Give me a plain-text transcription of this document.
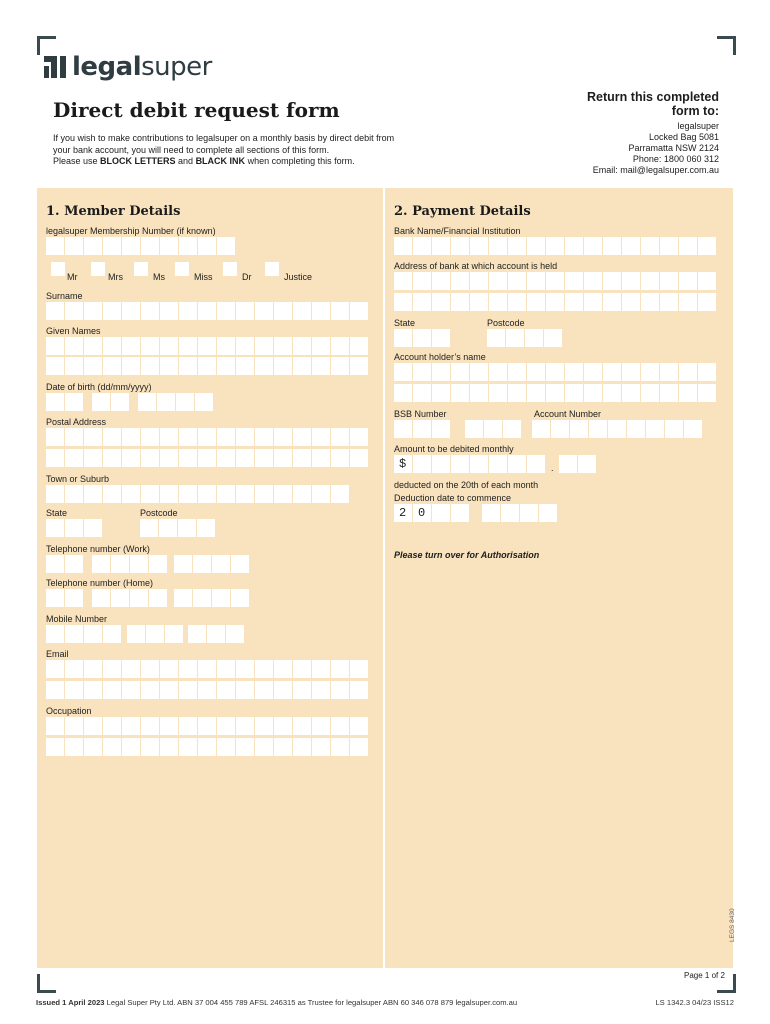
legalsuper
Direct debit request form
If you wish to make contributions to legalsuper on a monthly basis by direct debit from your bank account, you will need to complete all sections of this form.
Please use BLOCK LETTERS and BLACK INK when completing this form.
Return this completed
form to:
legalsuper
Locked Bag 5081
Parramatta NSW 2124
Phone: 1800 060 312
Email: mail@legalsuper.com.au
1. Member Details
legalsuper Membership Number (if known)
Mr	Mrs	Ms	Miss	Dr	Justice
Surname
Given Names
Date of birth (dd/mm/yyyy)
Postal Address
Town or Suburb
State	Postcode
Telephone number (Work)
Telephone number (Home)
Mobile Number
Email
Occupation
2. Payment Details
Bank Name/Financial Institution
Address of bank at which account is held
State	Postcode
Account holder’s name
BSB Number	Account Number
Amount to be debited monthly
$	.
deducted on the 20th of each month
Deduction date to commence
2 0
Please turn over for Authorisation
LEGS 8430
Page 1 of 2
Issued 1 April 2023 Legal Super Pty Ltd. ABN 37 004 455 789 AFSL 246315 as Trustee for legalsuper ABN 60 346 078 879 legalsuper.com.au	LS 1342.3 04/23 ISS12
